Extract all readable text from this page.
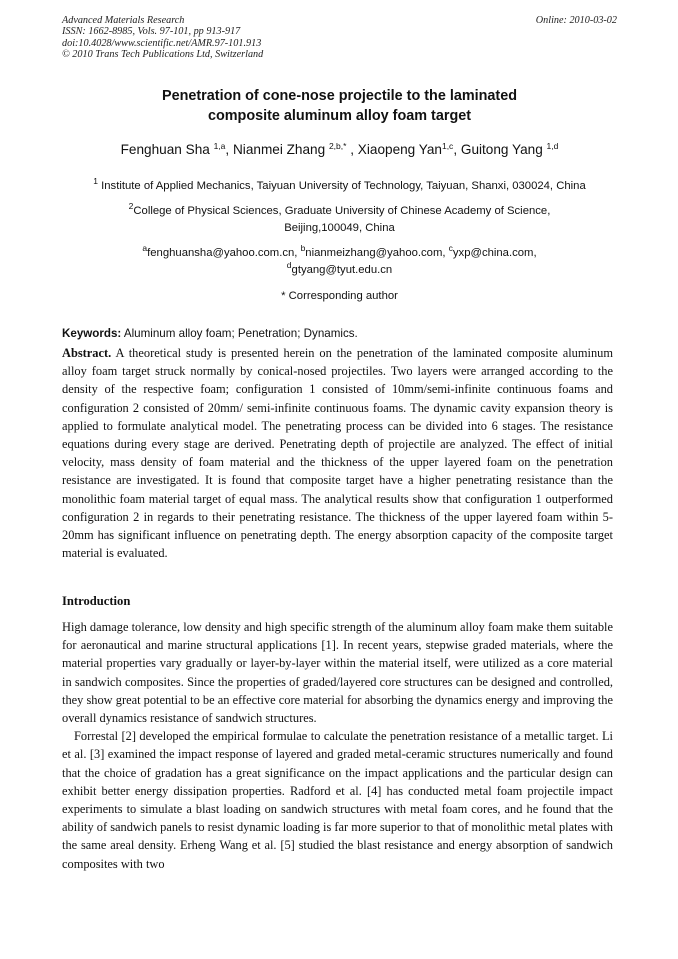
Advanced Materials Research
ISSN: 1662-8985, Vols. 97-101, pp 913-917
doi:10.4028/www.scientific.net/AMR.97-101.913
© 2010 Trans Tech Publications Ltd, Switzerland
Online: 2010-03-02
Penetration of cone-nose projectile to the laminated
composite aluminum alloy foam target
Fenghuan Sha $^{1,a}$, Nianmei Zhang $^{2,b,*}$ , Xiaopeng Yan$^{1,c}$, Guitong Yang $^{1,d}$
$^1$ Institute of Applied Mechanics, Taiyuan University of Technology, Taiyuan, Shanxi, 030024, China
$^2$College of Physical Sciences, Graduate University of Chinese Academy of Science,
Beijing,100049, China
$^a$fenghuansha@yahoo.com.cn, $^b$nianmeizhang@yahoo.com, $^c$yxp@china.com,
$^d$gtyang@tyut.edu.cn
* Corresponding author
Keywords: Aluminum alloy foam; Penetration; Dynamics.

Abstract. A theoretical study is presented herein on the penetration of the laminated composite aluminum alloy foam target struck normally by conical-nosed projectiles. Two layers were arranged according to the density of the respective foam; configuration 1 consisted of 10mm/semi-infinite continuous foams and configuration 2 consisted of 20mm/ semi-infinite continuous foams. The dynamic cavity expansion theory is applied to formulate analytical model. The penetrating process can be divided into 6 stages. The resistance equations during every stage are derived. Penetrating depth of projectile are analyzed. The effect of initial velocity, mass density of foam material and the thickness of the upper layered foam on the penetration resistance are investigated. It is found that composite target have a higher penetrating resistance than the monolithic foam material target of equal mass. The analytical results show that configuration 1 outperformed configuration 2 in regards to their penetrating resistance. The thickness of the upper layered foam within 5-20mm has significant influence on penetrating depth. The energy absorption capacity of the composite target material is evaluated.

Introduction

High damage tolerance, low density and high specific strength of the aluminum alloy foam make them suitable for aeronautical and marine structural applications [1]. In recent years, stepwise graded materials, where the material properties vary gradually or layer-by-layer within the material itself, were utilized as a core material in sandwich composites. Since the properties of graded/layered core structures can be designed and controlled, they show great potential to be an effective core material for absorbing the dynamics energy and improving the overall dynamics resistance of sandwich structures.

Forrestal [2] developed the empirical formulae to calculate the penetration resistance of a metallic target. Li et al. [3] examined the impact response of layered and graded metal-ceramic structures numerically and found that the choice of gradation has a great significance on the impact applications and the particular design can exhibit better energy dissipation properties. Radford et al. [4] has conducted metal foam projectile impact experiments to simulate a blast loading on sandwich structures with metal foam cores, and he found that the ability of sandwich panels to resist dynamic loading is far more superior to that of monolithic metal plates with the same areal density. Erheng Wang et al. [5] studied the blast resistance and energy absorption of sandwich composites with two
